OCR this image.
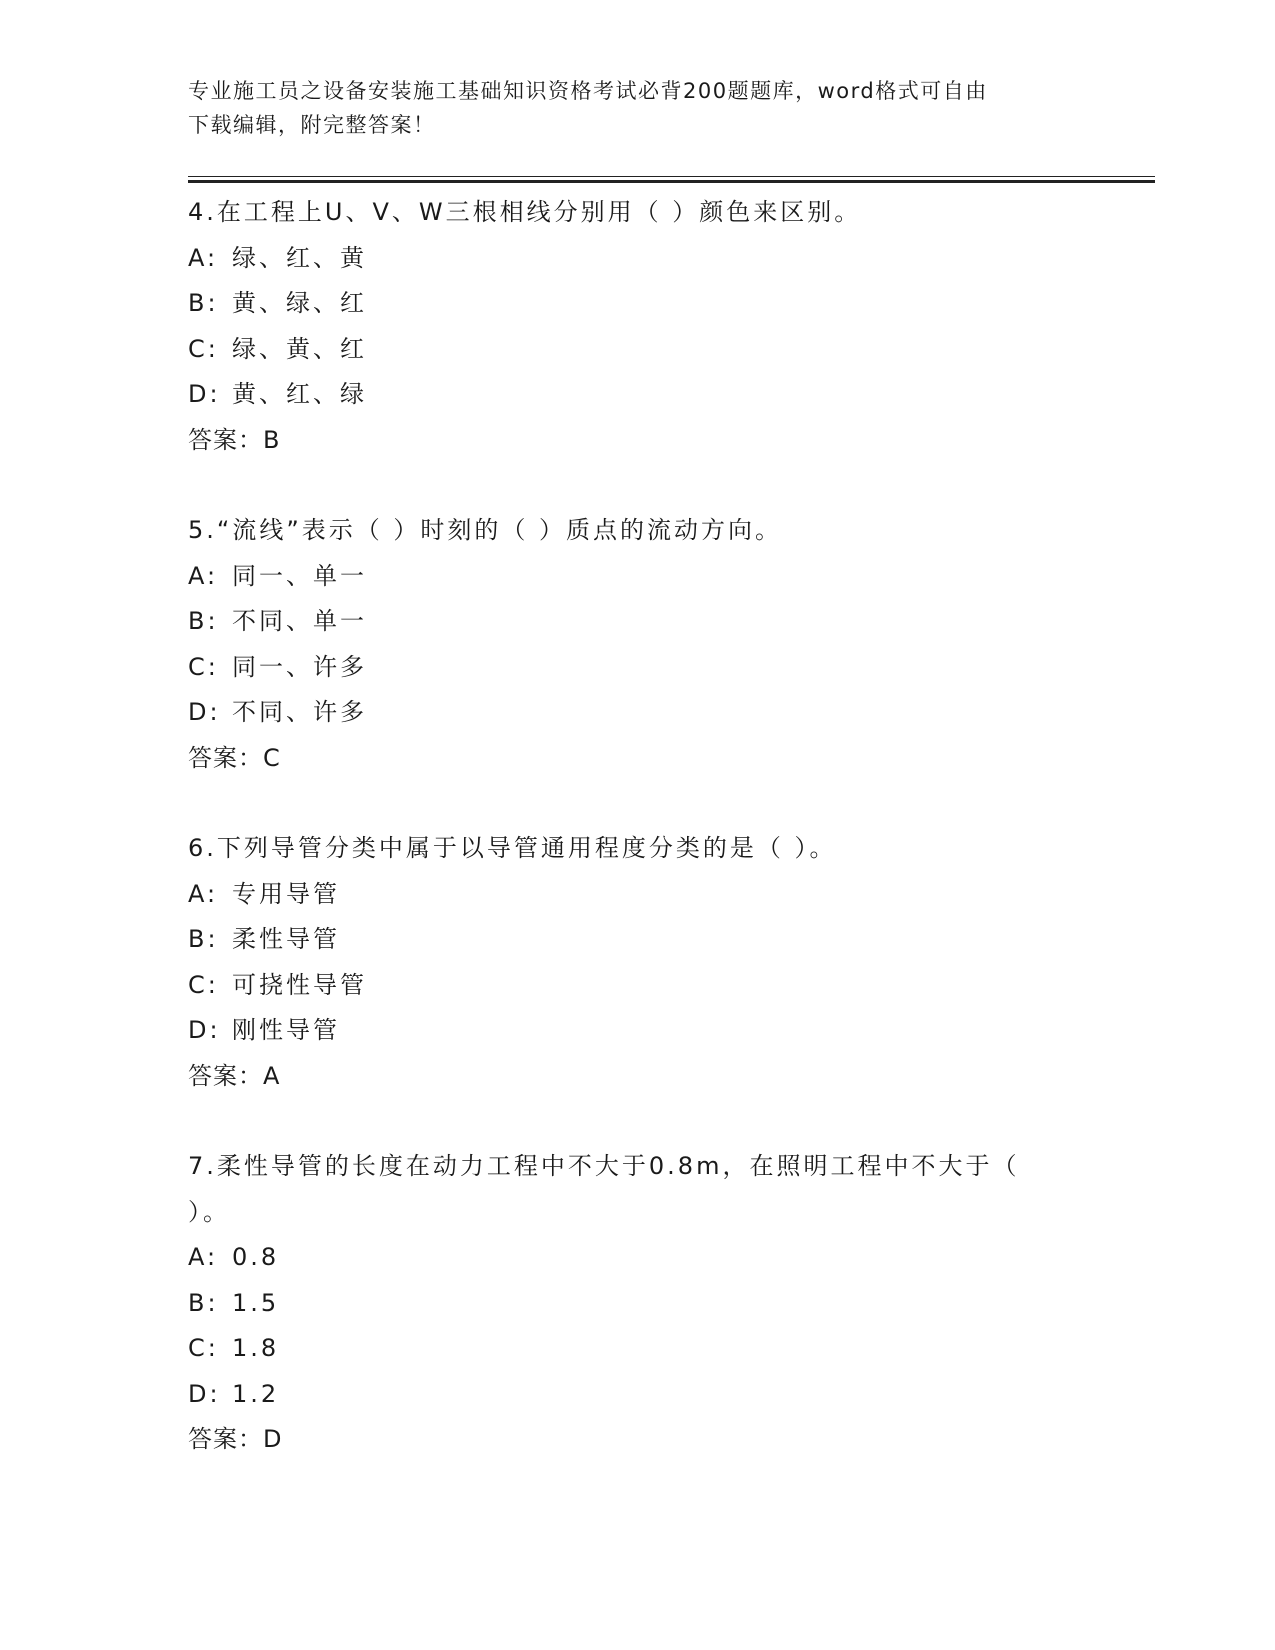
专业施工员之设备安装施工基础知识资格考试必背200题题库，word格式可自由
下载编辑，附完整答案！

4.在工程上U、V、W三根相线分别用（ ）颜色来区别。

A: 绿、红、黄
B: 黄、绿、红
C: 绿、黄、红
D: 黄、红、绿

答案：B

5.“流线”表示（ ）时刻的（ ）质点的流动方向。

A: 同一、单一
B: 不同、单一
C: 同一、许多
D: 不同、许多

答案：C

6.下列导管分类中属于以导管通用程度分类的是（ ）。

A: 专用导管
B: 柔性导管
C: 可挠性导管
D: 刚性导管

答案：A

7.柔性导管的长度在动力工程中不大于0.8m，在照明工程中不大于（ ）。

A: 0.8
B: 1.5
C: 1.8
D: 1.2

答案：D
